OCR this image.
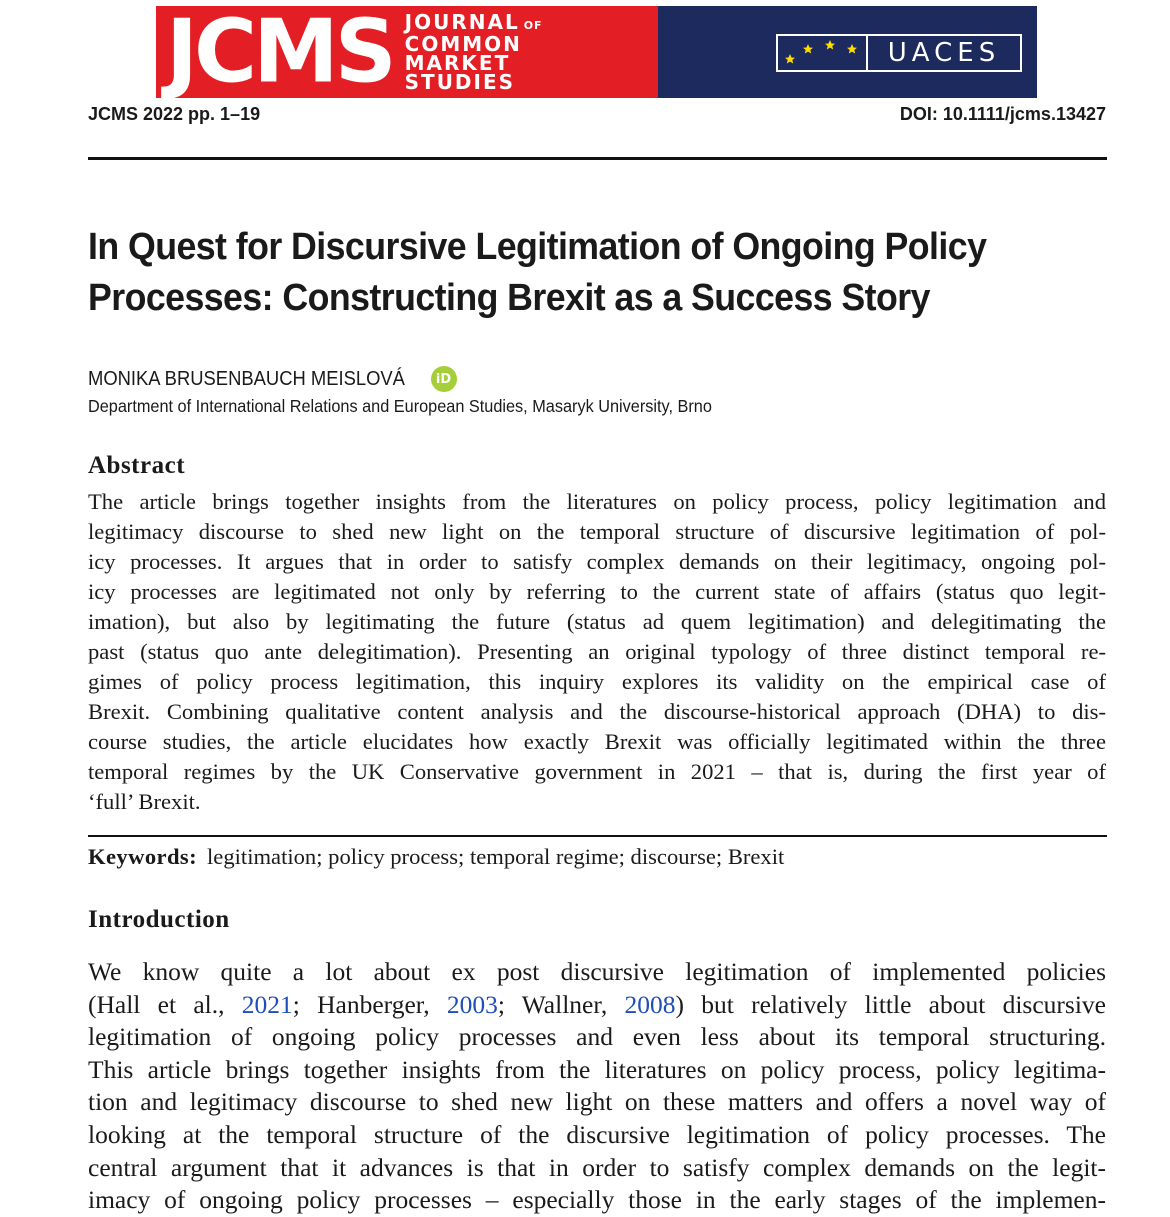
JCMS JOURNAL OF
COMMON
MARKET
STUDIES
UACES
JCMS 2022 pp. 1–19	DOI: 10.1111/jcms.13427
In Quest for Discursive Legitimation of Ongoing Policy
Processes: Constructing Brexit as a Success Story
MONIKA BRUSENBAUCH MEISLOVÁ	iD
Department of International Relations and European Studies, Masaryk University, Brno
Abstract

The article brings together insights from the literatures on policy process, policy legitimation and
legitimacy discourse to shed new light on the temporal structure of discursive legitimation of pol-
icy processes. It argues that in order to satisfy complex demands on their legitimacy, ongoing pol-
icy processes are legitimated not only by referring to the current state of affairs (status quo legit-
imation), but also by legitimating the future (status ad quem legitimation) and delegitimating the
past (status quo ante delegitimation). Presenting an original typology of three distinct temporal re-
gimes of policy process legitimation, this inquiry explores its validity on the empirical case of
Brexit. Combining qualitative content analysis and the discourse-historical approach (DHA) to dis-
course studies, the article elucidates how exactly Brexit was officially legitimated within the three
temporal regimes by the UK Conservative government in 2021 – that is, during the first year of
‘full’ Brexit.

Keywords: legitimation; policy process; temporal regime; discourse; Brexit
Introduction

We know quite a lot about ex post discursive legitimation of implemented policies
(Hall et al., 2021; Hanberger, 2003; Wallner, 2008) but relatively little about discursive
legitimation of ongoing policy processes and even less about its temporal structuring.
This article brings together insights from the literatures on policy process, policy legitima-
tion and legitimacy discourse to shed new light on these matters and offers a novel way of
looking at the temporal structure of the discursive legitimation of policy processes. The
central argument that it advances is that in order to satisfy complex demands on the legit-
imacy of ongoing policy processes – especially those in the early stages of the implemen-
